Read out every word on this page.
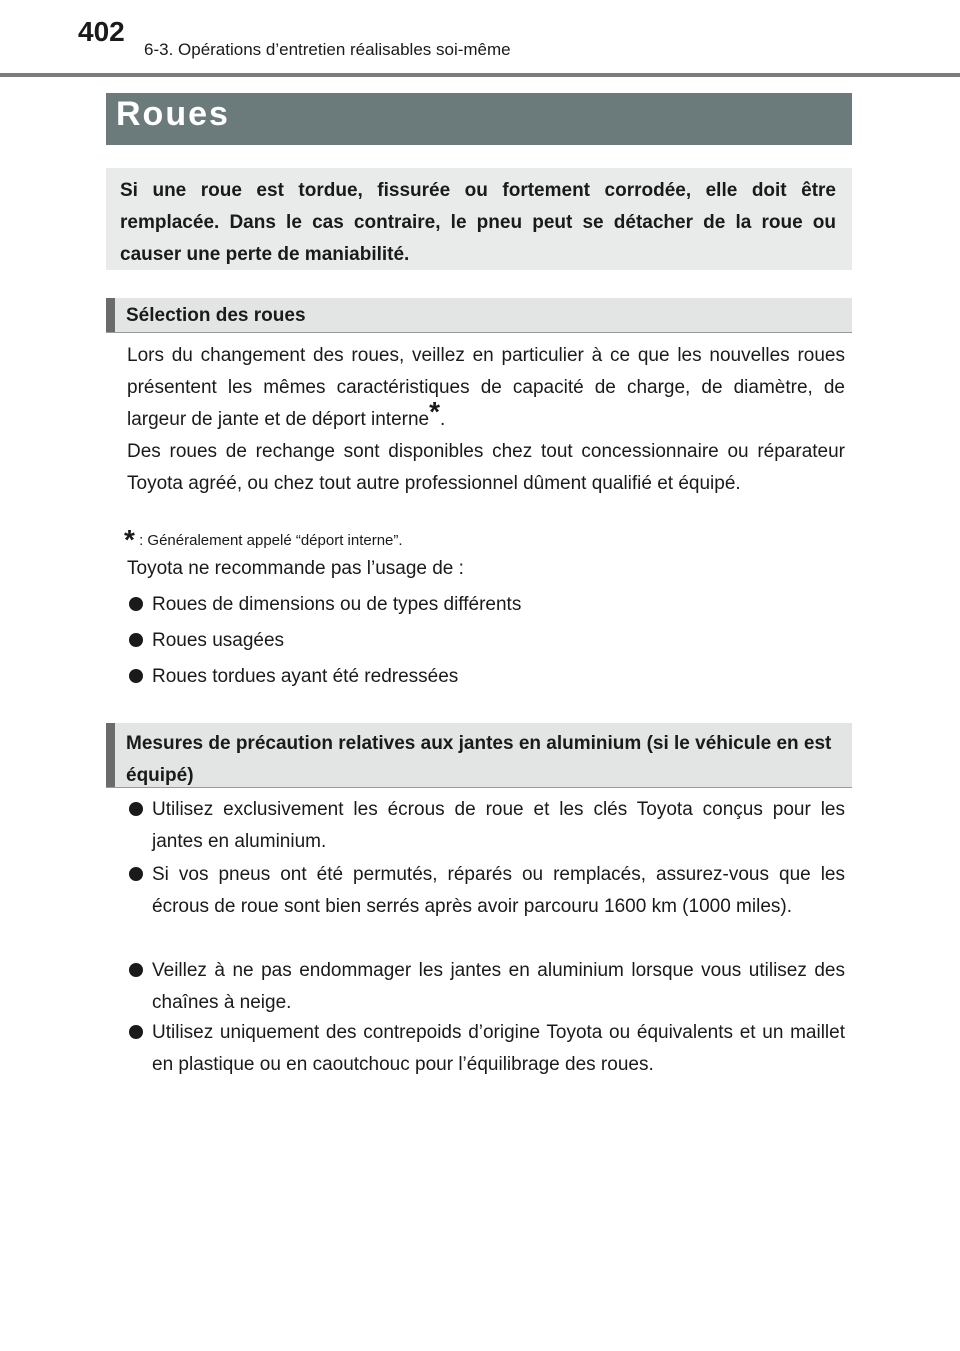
402
6-3. Opérations d’entretien réalisables soi-même
Roues
Si une roue est tordue, fissurée ou fortement corrodée, elle doit être remplacée. Dans le cas contraire, le pneu peut se détacher de la roue ou causer une perte de maniabilité.
Sélection des roues
Lors du changement des roues, veillez en particulier à ce que les nouvelles roues présentent les mêmes caractéristiques de capacité de charge, de diamètre, de largeur de jante et de déport interne*.
Des roues de rechange sont disponibles chez tout concessionnaire ou réparateur Toyota agréé, ou chez tout autre professionnel dûment qualifié et équipé.
* : Généralement appelé “déport interne”.
Toyota ne recommande pas l’usage de :
Roues de dimensions ou de types différents
Roues usagées
Roues tordues ayant été redressées
Mesures de précaution relatives aux jantes en aluminium (si le véhicule en est équipé)
Utilisez exclusivement les écrous de roue et les clés Toyota conçus pour les jantes en aluminium.
Si vos pneus ont été permutés, réparés ou remplacés, assurez-vous que les écrous de roue sont bien serrés après avoir parcouru 1600 km (1000 miles).
Veillez à ne pas endommager les jantes en aluminium lorsque vous utilisez des chaînes à neige.
Utilisez uniquement des contrepoids d’origine Toyota ou équivalents et un maillet en plastique ou en caoutchouc pour l’équilibrage des roues.
